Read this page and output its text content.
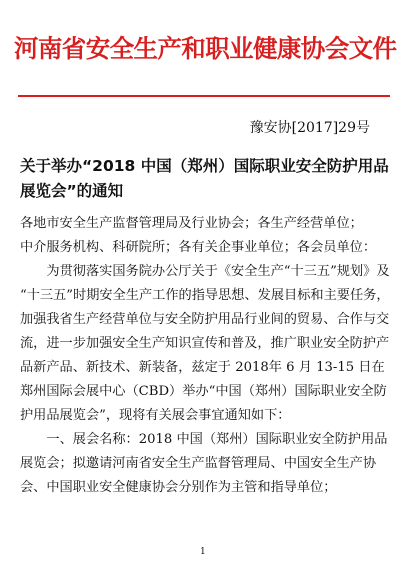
河南省安全生产和职业健康协会文件
豫安协[2017]29号
关于举办“2018 中国（郑州）国际职业安全防护用品
展览会”的通知

各地市安全生产监督管理局及行业协会；各生产经营单位；

中介服务机构、科研院所；各有关企事业单位；各会员单位：

为贯彻落实国务院办公厅关于《安全生产“十三五”规划》及 “十三五”时期安全生产工作的指导思想、发展目标和主要任务，加强我省生产经营单位与安全防护用品行业间的贸易、合作与交流，进一步加强安全生产知识宣传和普及，推广职业安全防护产品新产品、新技术、新装备，兹定于 2018年 6 月 13-15 日在郑州国际会展中心（CBD）举办“中国（郑州）国际职业安全防护用品展览会”，现将有关展会事宜通知如下：

一、展会名称：2018 中国（郑州）国际职业安全防护用品展览会；拟邀请河南省安全生产监督管理局、中国安全生产协会、中国职业安全健康协会分别作为主管和指导单位；

1
